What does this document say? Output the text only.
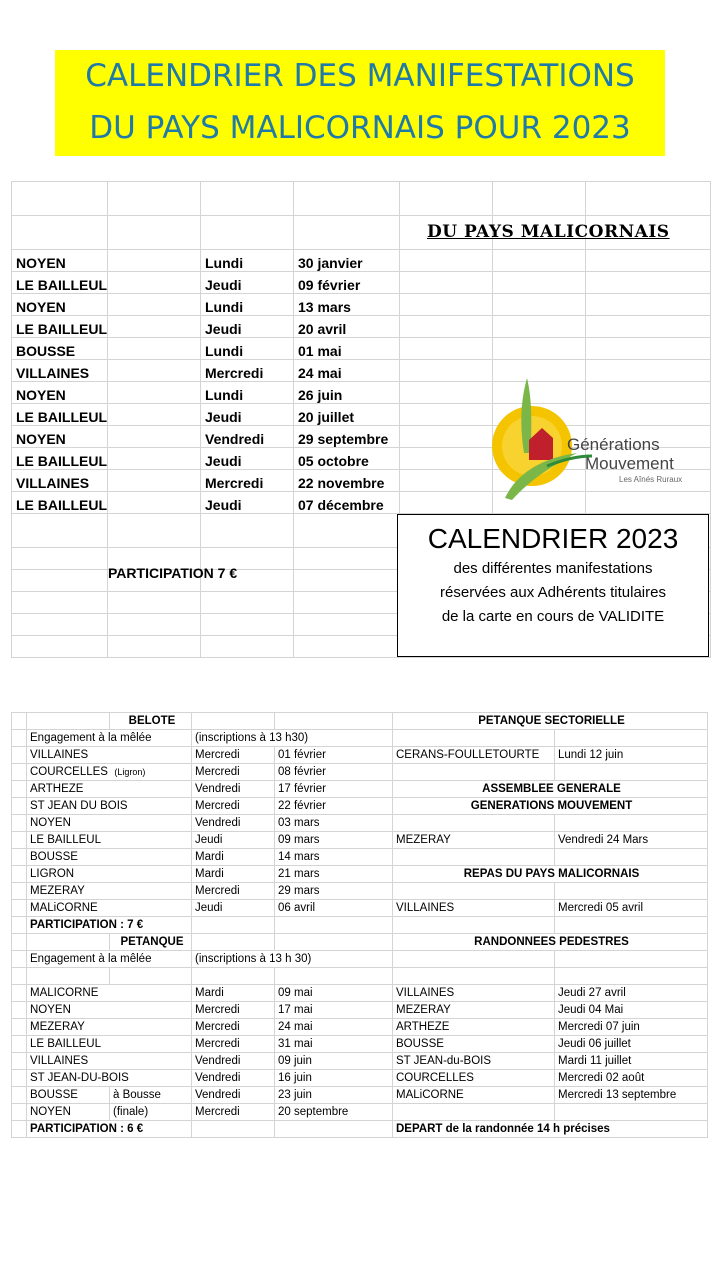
CALENDRIER DES MANIFESTATIONS
DU PAYS MALICORNAIS POUR 2023

NOYEN		Lundi	30 janvier			
LE BAILLEUL		Jeudi	09 février			
NOYEN		Lundi	13 mars			
LE BAILLEUL		Jeudi	20 avril			
BOUSSE		Lundi	01 mai			
VILLAINES		Mercredi	24 mai			
NOYEN		Lundi	26 juin			
LE BAILLEUL		Jeudi	20 juillet			
NOYEN		Vendredi	29 septembre			
LE BAILLEUL		Jeudi	05 octobre			
VILLAINES		Mercredi	22 novembre			
LE BAILLEUL		Jeudi	07 décembre			

DU PAYS MALICORNAIS
PARTICIPATION 7 €
Générations
Mouvement
Les Aînés Ruraux
CALENDRIER 2023
des différentes manifestations
réservées aux Adhérents titulaires
de la carte en cours de VALIDITE
		BELOTE			PETANQUE SECTORIELLE	
	Engagement à la mêlée		(inscriptions à 13 h30)			
	VILLAINES		Mercredi	01 février	CERANS-FOULLETOURTE	Lundi 12 juin
	COURCELLES (Ligron)		Mercredi	08 février		
	ARTHEZE		Vendredi	17 février	ASSEMBLEE GENERALE	
	ST JEAN DU BOIS		Mercredi	22 février	GENERATIONS MOUVEMENT	
	NOYEN		Vendredi	03 mars		
	LE BAILLEUL		Jeudi	09 mars	MEZERAY	Vendredi 24 Mars
	BOUSSE		Mardi	14 mars		
	LIGRON		Mardi	21 mars	REPAS DU PAYS MALICORNAIS	
	MEZERAY		Mercredi	29 mars		
	MALiCORNE		Jeudi	06 avril	VILLAINES	Mercredi 05 avril
	PARTICIPATION : 7 €					
		PETANQUE			RANDONNEES PEDESTRES	
	Engagement à la mêlée		(inscriptions à 13 h 30)			

	MALICORNE		Mardi	09 mai	VILLAINES	Jeudi 27 avril
	NOYEN		Mercredi	17 mai	MEZERAY	Jeudi 04 Mai
	MEZERAY		Mercredi	24 mai	ARTHEZE	Mercredi 07 juin
	LE BAILLEUL		Mercredi	31 mai	BOUSSE	Jeudi 06 juillet
	VILLAINES		Vendredi	09 juin	ST JEAN-du-BOIS	Mardi 11 juillet
	ST JEAN-DU-BOIS		Vendredi	16 juin	COURCELLES	Mercredi 02 août
	BOUSSE	à Bousse	Vendredi	23 juin	MALiCORNE	Mercredi 13 septembre
	NOYEN	(finale)	Mercredi	20 septembre		
	PARTICIPATION : 6 €				DEPART de la randonnée 14 h précises	
